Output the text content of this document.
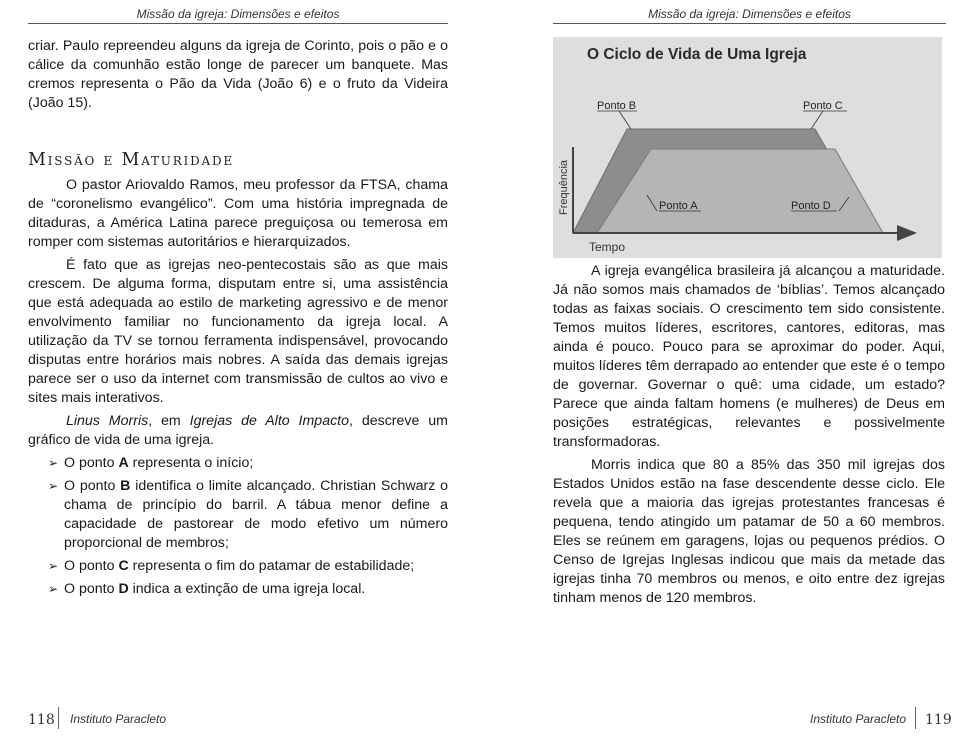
Missão da igreja: Dimensões e efeitos

criar. Paulo repreendeu alguns da igreja de Corinto, pois o pão e o cálice da comunhão estão longe de parecer um banquete. Mas cremos representa o Pão da Vida (João 6) e o fruto da Videira (João 15).

Missão e Maturidade

O pastor Ariovaldo Ramos, meu professor da FTSA, chama de “coronelismo evangélico”. Com uma história impregnada de ditaduras, a América Latina parece preguiçosa ou temerosa em romper com sistemas autoritários e hierarquizados.

É fato que as igrejas neo-pentecostais são as que mais crescem. De alguma forma, disputam entre si, uma assistência que está adequada ao estilo de marketing agressivo e de menor envolvimento familiar no funcionamento da igreja local. A utilização da TV se tornou ferramenta indispensável, provocando disputas entre horários mais nobres. A saída das demais igrejas parece ser o uso da internet com transmissão de cultos ao vivo e sites mais interativos.

Linus Morris, em Igrejas de Alto Impacto, descreve um gráfico de vida de uma igreja.

➢ O ponto A representa o início;
➢ O ponto B identifica o limite alcançado. Christian Schwarz o chama de princípio do barril. A tábua menor define a capacidade de pastorear de modo efetivo um número proporcional de membros;
➢ O ponto C representa o fim do patamar de estabilidade;
➢ O ponto D indica a extinção de uma igreja local.
118 Instituto Paracleto
Missão da igreja: Dimensões e efeitos
119
Instituto Paracleto
O Ciclo de Vida de Uma Igreja
Tempo
Frequência	Ponto A
Ponto B	Ponto C
Ponto D

A igreja evangélica brasileira já alcançou a maturidade. Já não somos mais chamados de ‘bíblias’. Temos alcançado todas as faixas sociais. O crescimento tem sido consistente. Temos muitos líderes, escritores, cantores, editoras, mas ainda é pouco. Pouco para se aproximar do poder. Aqui, muitos líderes têm derrapado ao entender que este é o tempo de governar. Governar o quê: uma cidade, um estado? Parece que ainda faltam homens (e mulheres) de Deus em posições estratégicas, relevantes e possivelmente transformadoras.

Morris indica que 80 a 85% das 350 mil igrejas dos Estados Unidos estão na fase descendente desse ciclo. Ele revela que a maioria das igrejas protestantes francesas é pequena, tendo atingido um patamar de 50 a 60 membros. Eles se reúnem em garagens, lojas ou pequenos prédios. O Censo de Igrejas Inglesas indicou que mais da metade das igrejas tinha 70 membros ou menos, e oito entre dez igrejas tinham menos de 120 membros.
